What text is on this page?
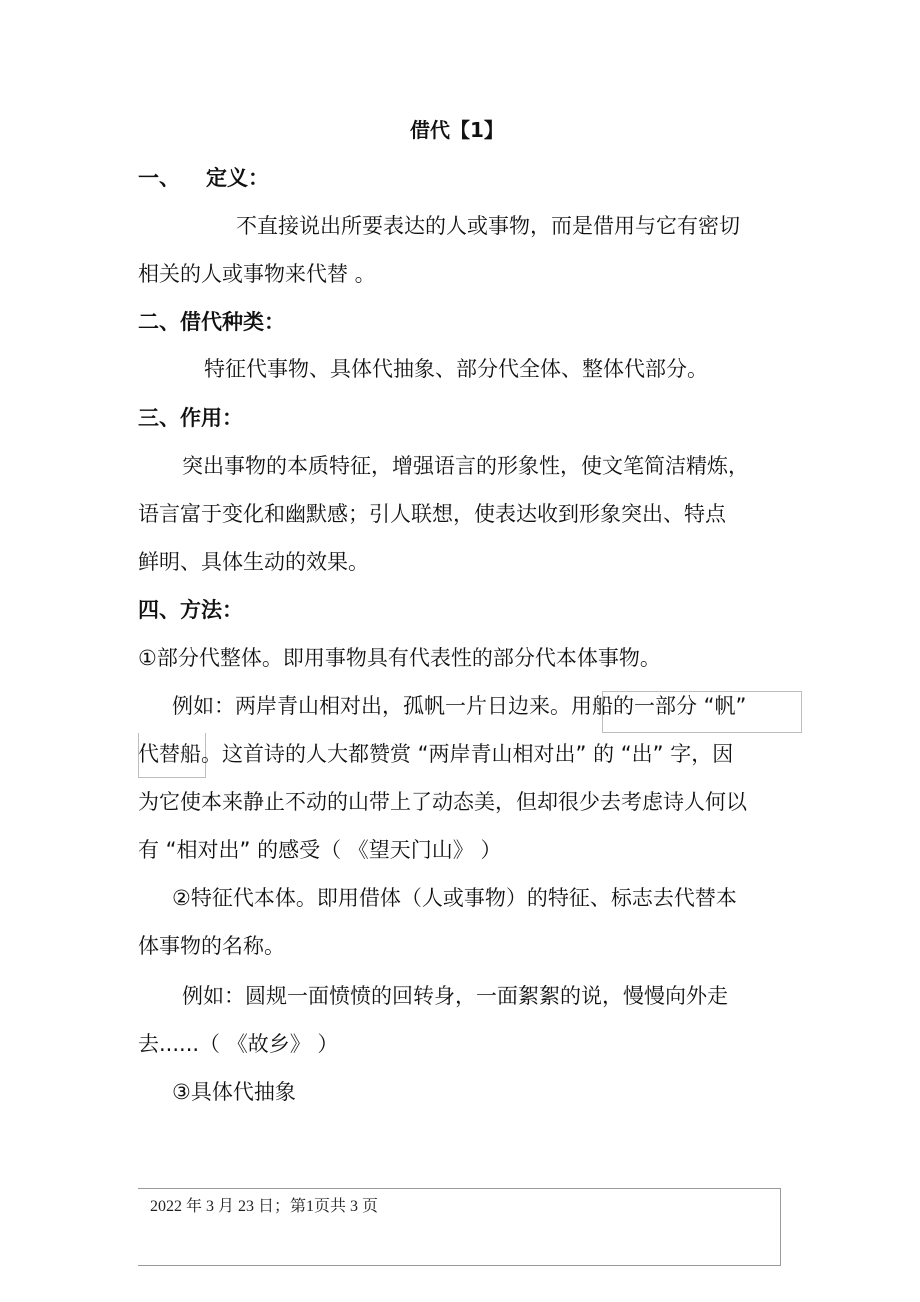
借代【1】
一、 定义：
不直接说出所要表达的人或事物，而是借用与它有密切
相关的人或事物来代替 。
二、借代种类：
特征代事物、具体代抽象、部分代全体、整体代部分。
三、作用：
突出事物的本质特征，增强语言的形象性，使文笔简洁精炼，
语言富于变化和幽默感；引人联想，使表达收到形象突出、特点
鲜明、具体生动的效果。
四、方法：
①部分代整体。即用事物具有代表性的部分代本体事物。
例如：两岸青山相对出，孤帆一片日边来。用船的一部分 “帆”
代替船。这首诗的人大都赞赏 “两岸青山相对出” 的 “出” 字，因
为它使本来静止不动的山带上了动态美，但却很少去考虑诗人何以
有 “相对出” 的感受（ 《望天门山》 ）
②特征代本体。即用借体（人或事物）的特征、标志去代替本
体事物的名称。
例如：圆规一面愤愤的回转身，一面絮絮的说，慢慢向外走
去......（ 《故乡》 ）
③具体代抽象
2022 年 3 月 23 日；第1页共 3 页
